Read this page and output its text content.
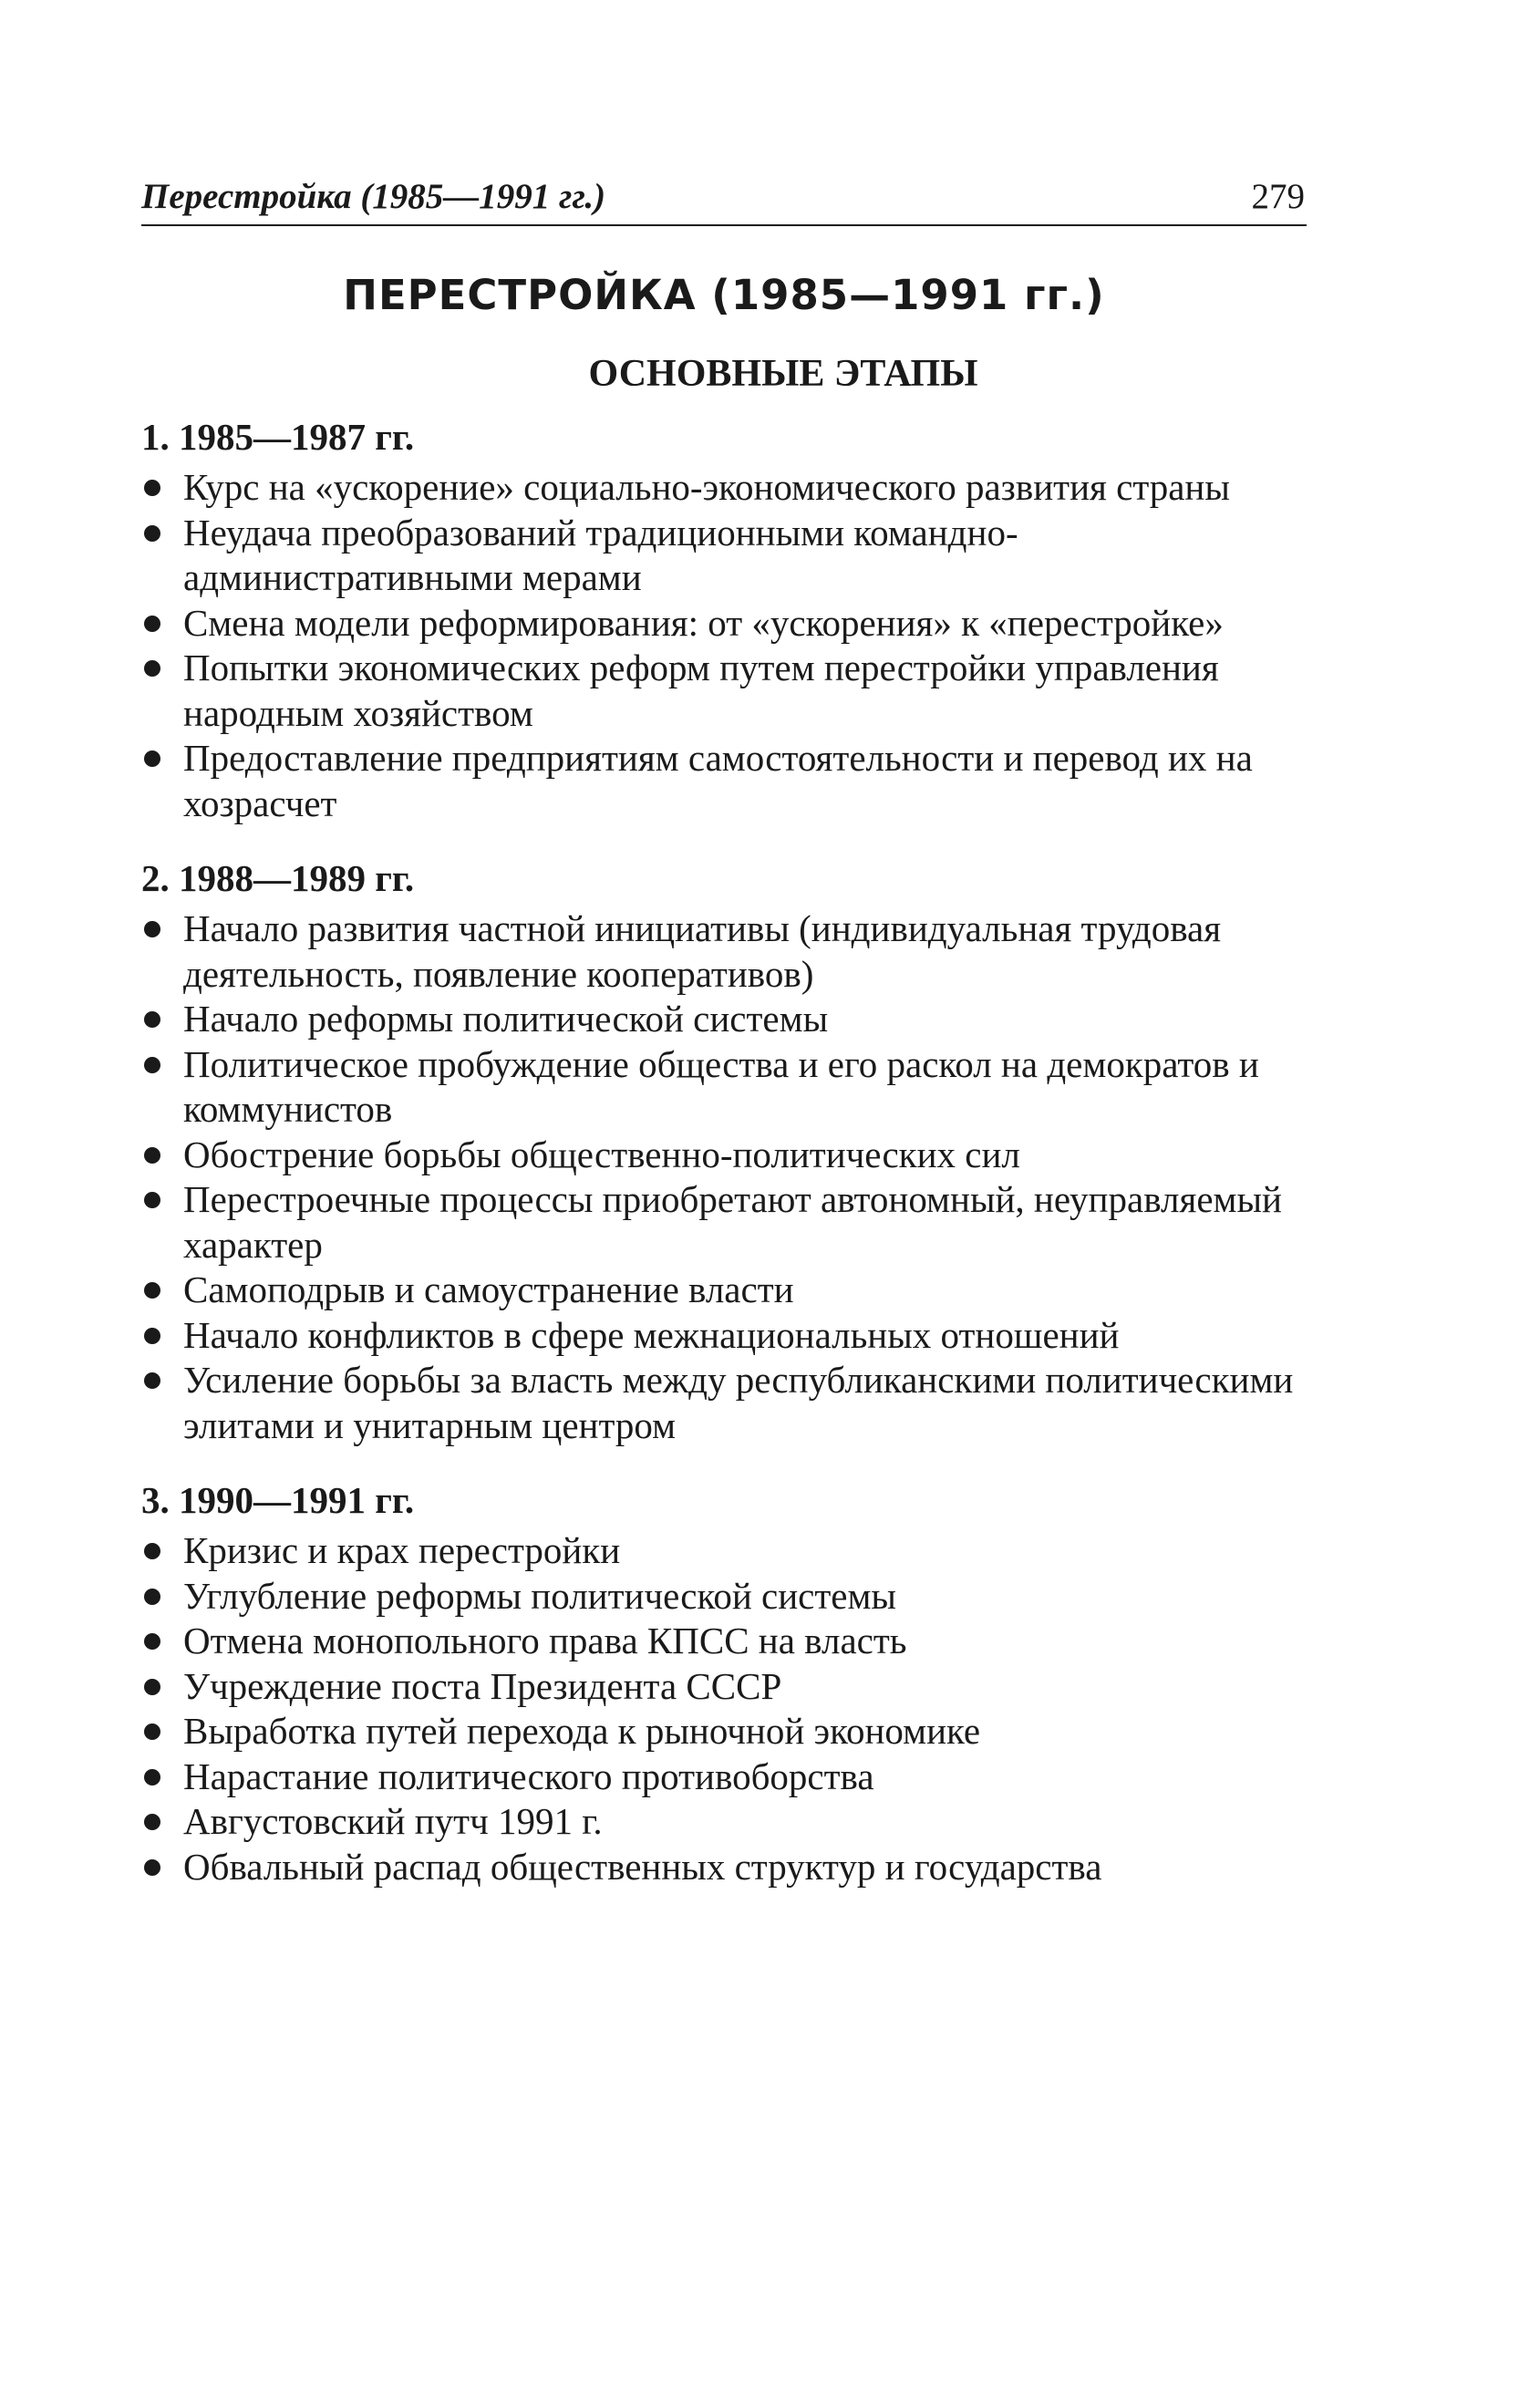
Перестройка (1985—1991 гг.)	279
ПЕРЕСТРОЙКА (1985—1991 гг.)
ОСНОВНЫЕ ЭТАПЫ
1. 1985—1987 гг.
Курс на «ускорение» социально-экономического развития страны
Неудача преобразований традиционными командно-административными мерами
Смена модели реформирования: от «ускорения» к «перестройке»
Попытки экономических реформ путем перестройки управления народным хозяйством
Предоставление предприятиям самостоятельности и перевод их на хозрасчет
2. 1988—1989 гг.
Начало развития частной инициативы (индивидуальная трудовая деятельность, появление кооперативов)
Начало реформы политической системы
Политическое пробуждение общества и его раскол на демократов и коммунистов
Обострение борьбы общественно-политических сил
Перестроечные процессы приобретают автономный, неуправляемый характер
Самоподрыв и самоустранение власти
Начало конфликтов в сфере межнациональных отношений
Усиление борьбы за власть между республиканскими политическими элитами и унитарным центром
3. 1990—1991 гг.
Кризис и крах перестройки
Углубление реформы политической системы
Отмена монопольного права КПСС на власть
Учреждение поста Президента СССР
Выработка путей перехода к рыночной экономике
Нарастание политического противоборства
Августовский путч 1991 г.
Обвальный распад общественных структур и государства
